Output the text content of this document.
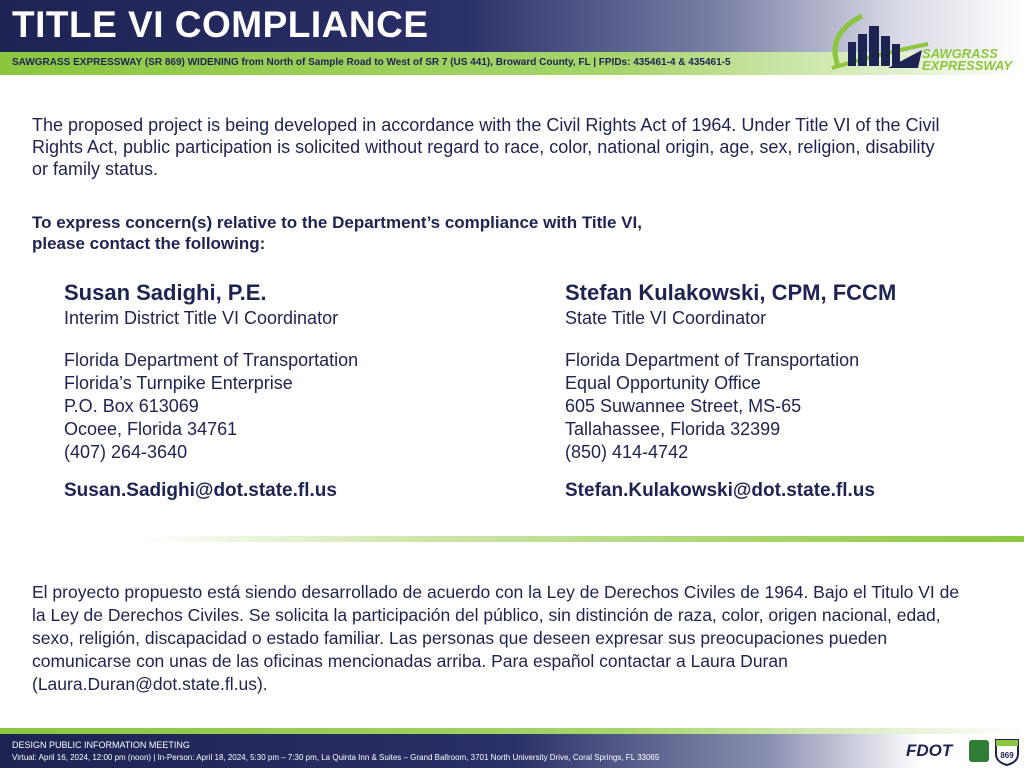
TITLE VI COMPLIANCE
SAWGRASS EXPRESSWAY (SR 869) WIDENING from North of Sample Road to West of SR 7 (US 441), Broward County, FL | FPIDs: 435461-4 & 435461-5
SAWGRASS
EXPRESSWAY
The proposed project is being developed in accordance with the Civil Rights Act of 1964. Under Title VI of the Civil Rights Act, public participation is solicited without regard to race, color, national origin, age, sex, religion, disability or family status.
To express concern(s) relative to the Department’s compliance with Title VI,
please contact the following:
Susan Sadighi, P.E.
Interim District Title VI Coordinator
Florida Department of Transportation
Florida’s Turnpike Enterprise
P.O. Box 613069
Ocoee, Florida 34761
(407) 264-3640
Susan.Sadighi@dot.state.fl.us
Stefan Kulakowski, CPM, FCCM
State Title VI Coordinator
Florida Department of Transportation
Equal Opportunity Office
605 Suwannee Street, MS-65
Tallahassee, Florida 32399
(850) 414-4742
Stefan.Kulakowski@dot.state.fl.us
El proyecto propuesto está siendo desarrollado de acuerdo con la Ley de Derechos Civiles de 1964. Bajo el Titulo VI de la Ley de Derechos Civiles. Se solicita la participación del público, sin distinción de raza, color, origen nacional, edad, sexo, religión, discapacidad o estado familiar. Las personas que deseen expresar sus preocupaciones pueden comunicarse con unas de las oficinas mencionadas arriba. Para español contactar a Laura Duran (Laura.Duran@dot.state.fl.us).
DESIGN PUBLIC INFORMATION MEETING
Virtual: April 16, 2024, 12:00 pm (noon) | In-Person: April 18, 2024, 5:30 pm – 7:30 pm, La Quinta Inn & Suites – Grand Ballroom, 3701 North University Drive, Coral Springs, FL 33065	FDOT	869
